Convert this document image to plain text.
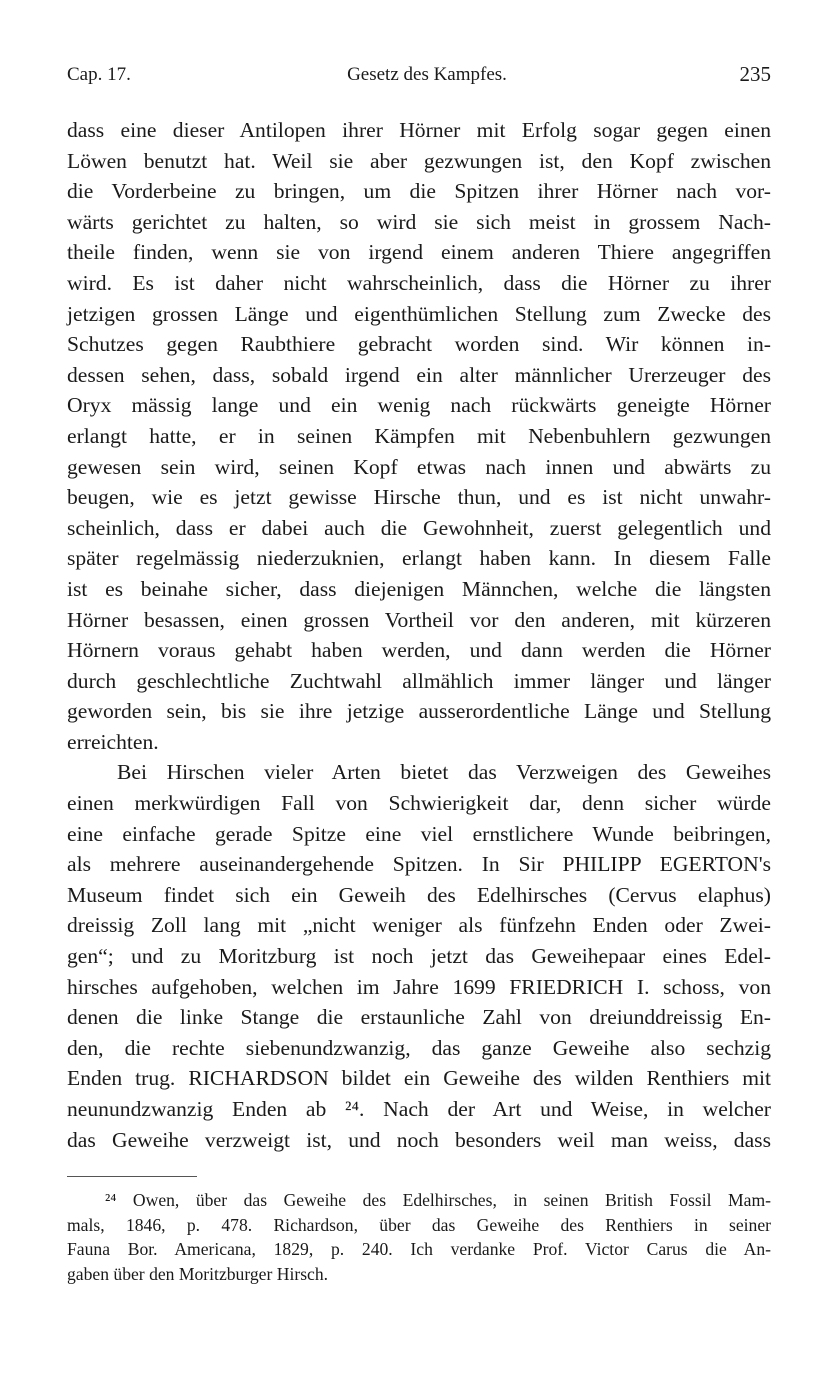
Cap. 17.	Gesetz des Kampfes.	235
dass eine dieser Antilopen ihrer Hörner mit Erfolg sogar gegen einen
Löwen benutzt hat. Weil sie aber gezwungen ist, den Kopf zwischen
die Vorderbeine zu bringen, um die Spitzen ihrer Hörner nach vor-
wärts gerichtet zu halten, so wird sie sich meist in grossem Nach-
theile finden, wenn sie von irgend einem anderen Thiere angegriffen
wird. Es ist daher nicht wahrscheinlich, dass die Hörner zu ihrer
jetzigen grossen Länge und eigenthümlichen Stellung zum Zwecke des
Schutzes gegen Raubthiere gebracht worden sind. Wir können in-
dessen sehen, dass, sobald irgend ein alter männlicher Urerzeuger des
Oryx mässig lange und ein wenig nach rückwärts geneigte Hörner
erlangt hatte, er in seinen Kämpfen mit Nebenbuhlern gezwungen
gewesen sein wird, seinen Kopf etwas nach innen und abwärts zu
beugen, wie es jetzt gewisse Hirsche thun, und es ist nicht unwahr-
scheinlich, dass er dabei auch die Gewohnheit, zuerst gelegentlich und
später regelmässig niederzuknien, erlangt haben kann. In diesem Falle
ist es beinahe sicher, dass diejenigen Männchen, welche die längsten
Hörner besassen, einen grossen Vortheil vor den anderen, mit kürzeren
Hörnern voraus gehabt haben werden, und dann werden die Hörner
durch geschlechtliche Zuchtwahl allmählich immer länger und länger
geworden sein, bis sie ihre jetzige ausserordentliche Länge und Stellung
erreichten.
Bei Hirschen vieler Arten bietet das Verzweigen des Geweihes
einen merkwürdigen Fall von Schwierigkeit dar, denn sicher würde
eine einfache gerade Spitze eine viel ernstlichere Wunde beibringen,
als mehrere auseinandergehende Spitzen. In Sir PHILIPP EGERTON's
Museum findet sich ein Geweih des Edelhirsches (Cervus elaphus)
dreissig Zoll lang mit „nicht weniger als fünfzehn Enden oder Zwei-
gen“; und zu Moritzburg ist noch jetzt das Geweihepaar eines Edel-
hirsches aufgehoben, welchen im Jahre 1699 FRIEDRICH I. schoss, von
denen die linke Stange die erstaunliche Zahl von dreiunddreissig En-
den, die rechte siebenundzwanzig, das ganze Geweihe also sechzig
Enden trug. RICHARDSON bildet ein Geweihe des wilden Renthiers mit
neunundzwanzig Enden ab ²⁴. Nach der Art und Weise, in welcher
das Geweihe verzweigt ist, und noch besonders weil man weiss, dass
²⁴ Owen, über das Geweihe des Edelhirsches, in seinen British Fossil Mam-
mals, 1846, p. 478. Richardson, über das Geweihe des Renthiers in seiner
Fauna Bor. Americana, 1829, p. 240. Ich verdanke Prof. Victor Carus die An-
gaben über den Moritzburger Hirsch.
